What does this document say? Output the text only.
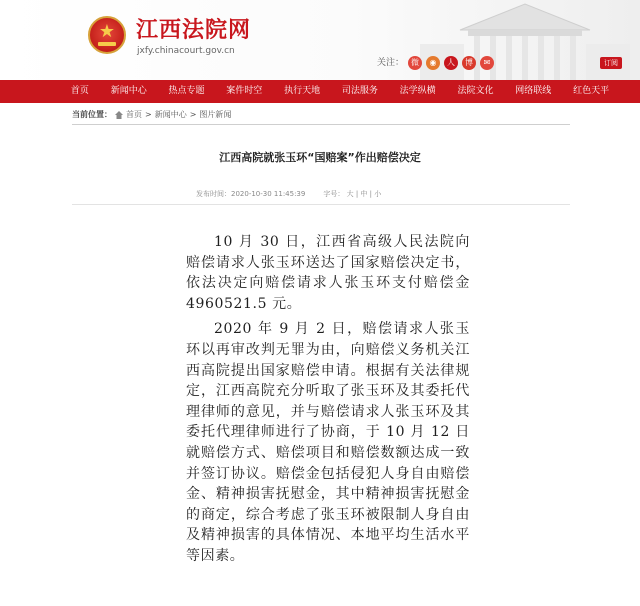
★ 江西法院网
jxfy.chinacourt.gov.cn
关注： 微	◉	人	博	✉	订阅
首页 新闻中心 热点专题 案件时空 执行天地 司法服务 法学纵横 法院文化 网络联线 红色天平
当前位置： 首页 > 新闻中心 > 图片新闻
江西高院就张玉环“国赔案”作出赔偿决定
发布时间：2020-10-30 11:45:39	字号： 大 | 中 | 小

10 月 30 日，江西省高级人民法院向赔偿请求人张玉环送达了国家赔偿决定书，依法决定向赔偿请求人张玉环支付赔偿金 4960521.5 元。

2020 年 9 月 2 日，赔偿请求人张玉环以再审改判无罪为由，向赔偿义务机关江西高院提出国家赔偿申请。根据有关法律规定，江西高院充分听取了张玉环及其委托代理律师的意见，并与赔偿请求人张玉环及其委托代理律师进行了协商，于 10 月 12 日就赔偿方式、赔偿项目和赔偿数额达成一致并签订协议。赔偿金包括侵犯人身自由赔偿金、精神损害抚慰金，其中精神损害抚慰金的商定，综合考虑了张玉环被限制人身自由及精神损害的具体情况、本地平均生活水平等因素。
